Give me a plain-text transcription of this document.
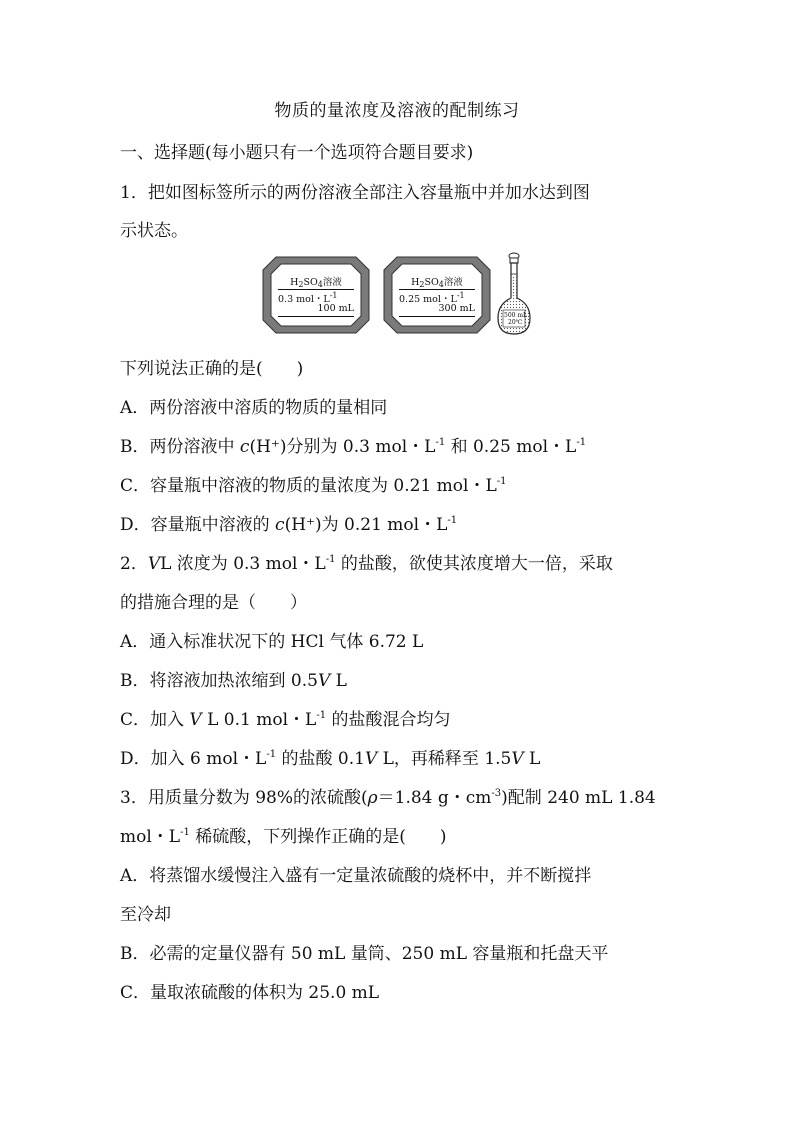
物质的量浓度及溶液的配制练习
一、选择题(每小题只有一个选项符合题目要求)
1．把如图标签所示的两份溶液全部注入容量瓶中并加水达到图
示状态。
$H_2SO_4$溶液
0.3 mol・$L^{-1}$
100 mL
$H_2SO_4$溶液
0.25 mol・$L^{-1}$
300 mL
500 mL
20℃
下列说法正确的是(　　)
A．两份溶液中溶质的物质的量相同
B．两份溶液中 c(H⁺)分别为 0.3 mol・$L^{-1}$ 和 0.25 mol・$L^{-1}$
C．容量瓶中溶液的物质的量浓度为 0.21 mol・$L^{-1}$
D．容量瓶中溶液的 c(H⁺)为 0.21 mol・$L^{-1}$
2．VL 浓度为 0.3 mol・$L^{-1}$ 的盐酸，欲使其浓度增大一倍，采取
的措施合理的是（　　）
A．通入标准状况下的 HCl 气体 6.72 L
B．将溶液加热浓缩到 0.5V L
C．加入 V L 0.1 mol・$L^{-1}$ 的盐酸混合均匀
D．加入 6 mol・$L^{-1}$ 的盐酸 0.1V L，再稀释至 1.5V L
3．用质量分数为 98%的浓硫酸(ρ＝1.84 g・$cm^{-3}$)配制 240 mL 1.84
mol・$L^{-1}$ 稀硫酸，下列操作正确的是(　　)
A．将蒸馏水缓慢注入盛有一定量浓硫酸的烧杯中，并不断搅拌
至冷却
B．必需的定量仪器有 50 mL 量筒、250 mL 容量瓶和托盘天平
C．量取浓硫酸的体积为 25.0 mL
